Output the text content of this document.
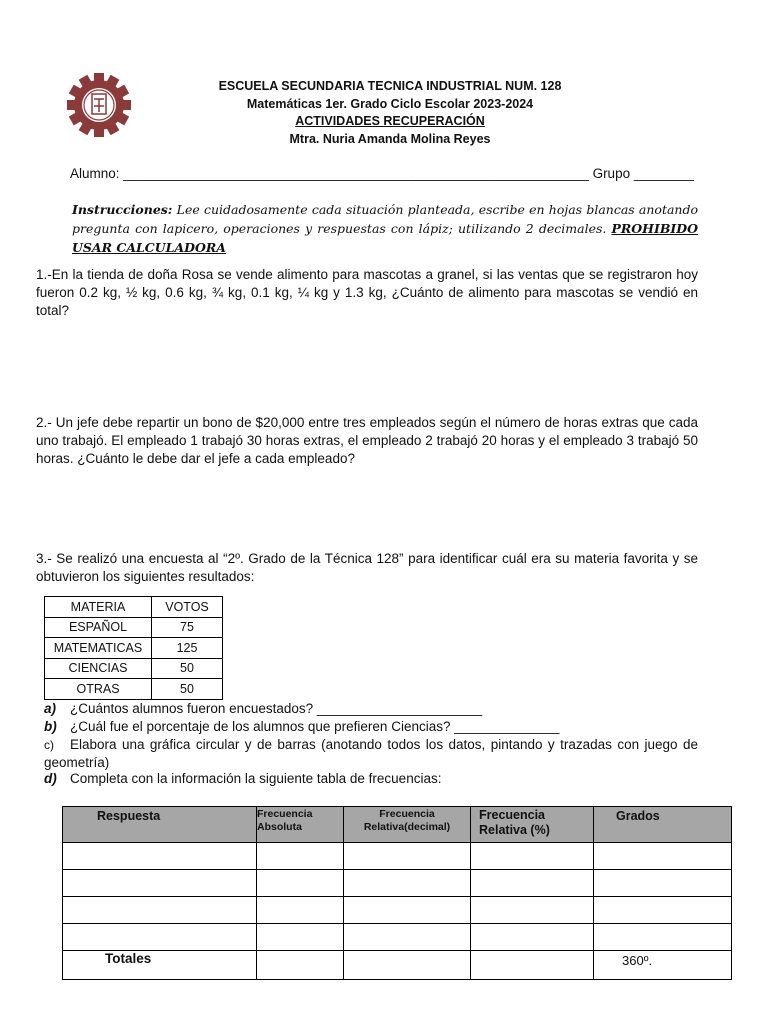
ESCUELA SECUNDARIA TECNICA INDUSTRIAL NUM. 128
Matemáticas 1er. Grado Ciclo Escolar 2023-2024
ACTIVIDADES RECUPERACIÓN
Mtra. Nuria Amanda Molina Reyes
Alumno: ______________________________________________________________ Grupo ________
Instrucciones: Lee cuidadosamente cada situación planteada, escribe en hojas blancas anotando pregunta con lapicero, operaciones y respuestas con lápiz; utilizando 2 decimales. PROHIBIDO USAR CALCULADORA
1.-En la tienda de doña Rosa se vende alimento para mascotas a granel, si las ventas que se registraron hoy fueron 0.2 kg, ½ kg, 0.6 kg, ¾ kg, 0.1 kg, ¼ kg y 1.3 kg, ¿Cuánto de alimento para mascotas se vendió en total?
2.- Un jefe debe repartir un bono de $20,000 entre tres empleados según el número de horas extras que cada uno trabajó. El empleado 1 trabajó 30 horas extras, el empleado 2 trabajó 20 horas y el empleado 3 trabajó 50 horas. ¿Cuánto le debe dar el jefe a cada empleado?
3.- Se realizó una encuesta al “2º. Grado de la Técnica 128” para identificar cuál era su materia favorita y se obtuvieron los siguientes resultados:
MATERIA	VOTOS
ESPAÑOL	75
MATEMATICAS	125
CIENCIAS	50
OTRAS	50
a) ¿Cuántos alumnos fueron encuestados? ______________________
b) ¿Cuál fue el porcentaje de los alumnos que prefieren Ciencias? ______________
c) Elabora una gráfica circular y de barras (anotando todos los datos, pintando y trazadas con juego de geometría)
d) Completa con la información la siguiente tabla de frecuencias:
Respuesta	Frecuencia Absoluta	Frecuencia Relativa(decimal)	Frecuencia Relativa (%)	Grados

Totales				360º.
